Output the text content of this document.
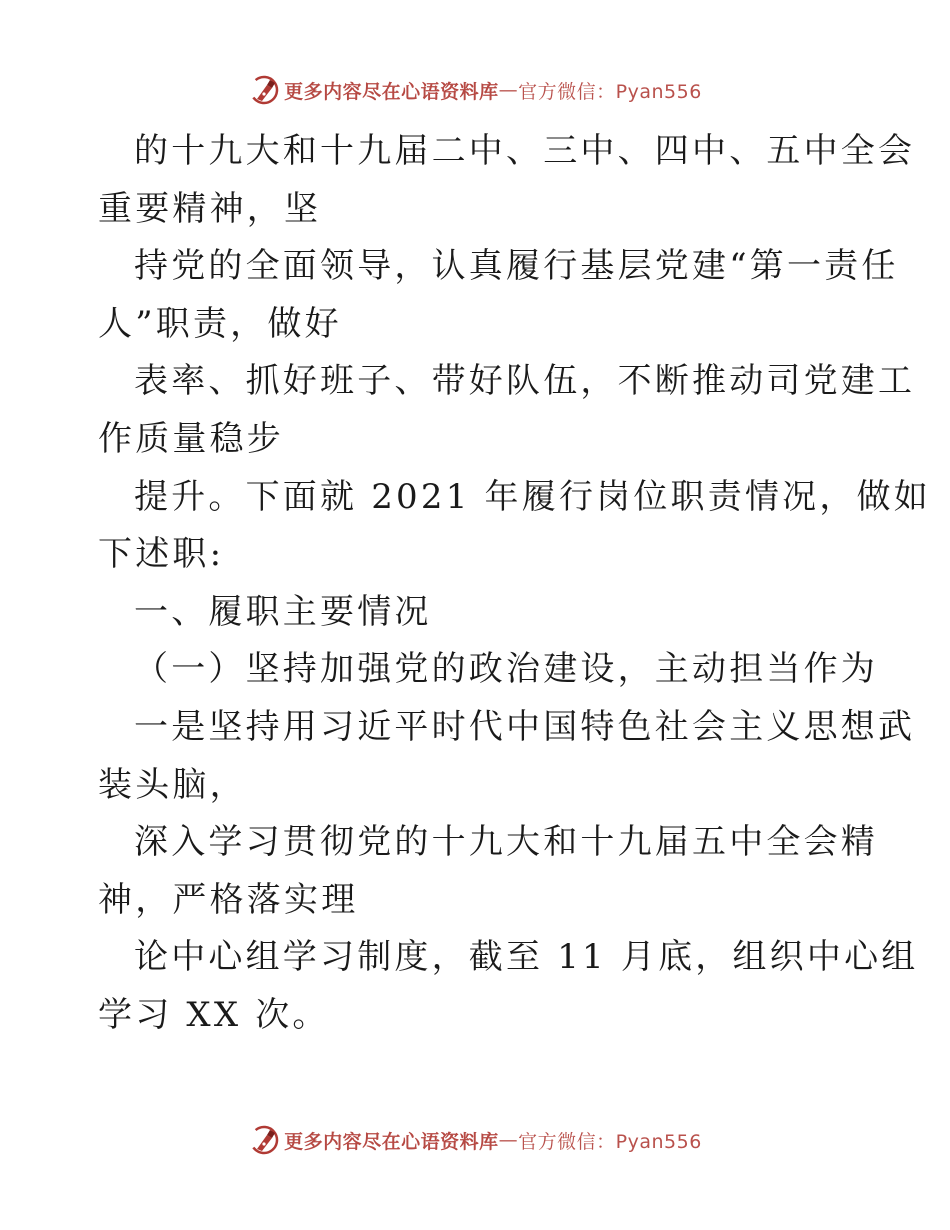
更多内容尽在心语资料库 — 官方微信：Pyan556
的十九大和十九届二中、三中、四中、五中全会
重要精神，坚
持党的全面领导，认真履行基层党建“第一责任
人”职责，做好
表率、抓好班子、带好队伍，不断推动司党建工
作质量稳步
提升。下面就 2021 年履行岗位职责情况，做如
下述职:
一、履职主要情况
（一）坚持加强党的政治建设，主动担当作为
一是坚持用习近平时代中国特色社会主义思想武
装头脑，
深入学习贯彻党的十九大和十九届五中全会精
神，严格落实理
论中心组学习制度，截至 11 月底，组织中心组
学习 XX 次。
更多内容尽在心语资料库 — 官方微信：Pyan556
